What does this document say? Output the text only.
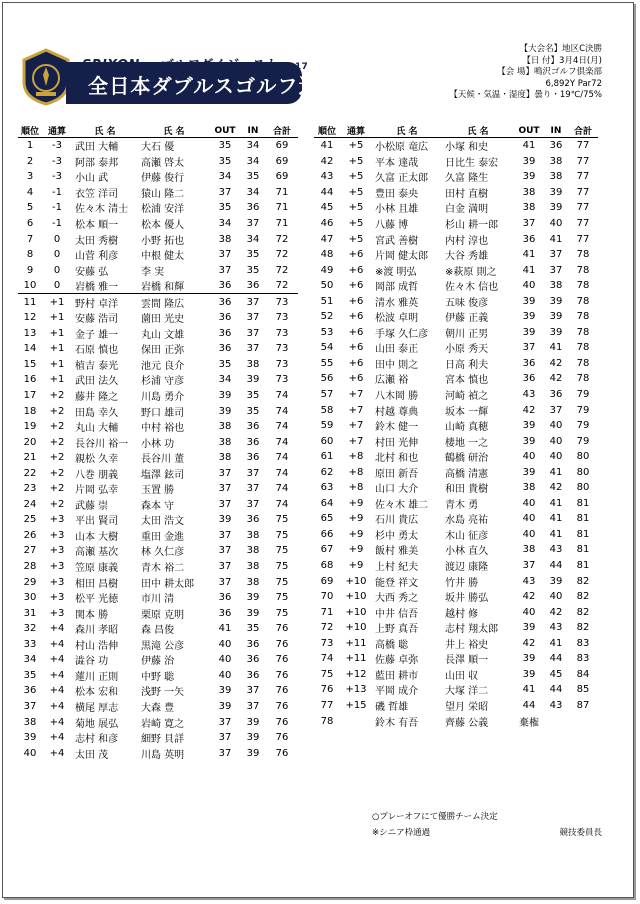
SRIXONCUPゴルフダイジェスト 2017
全日本ダブルスゴルフ選手権
【大会名】地区C決勝
【日 付】3月4日(月)
【会 場】鳴沢ゴルフ倶楽部
6,892Y Par72
【天候・気温・湿度】曇り・19℃/75%
順位	通算	氏 名	氏 名	OUT	IN	合計
1	-3	武田 大輔	大石 優	35	34	69
2	-3	阿部 泰邦	高瀬 啓太	35	34	69
3	-3	小山 武	伊藤 俊行	34	35	69
4	-1	衣笠 洋司	猿山 隆二	37	34	71
5	-1	佐々木 清士	松浦 安洋	35	36	71
6	-1	松本 順一	松本 優人	34	37	71
7	0	太田 秀樹	小野 拓也	38	34	72
8	0	山菅 利彦	中根 健太	37	35	72
9	0	安藤 弘	李 実	37	35	72
10	0	岩橋 雅一	岩橋 和輝	36	36	72
11	+1	野村 卓洋	雲間 隆広	36	37	73
12	+1	安藤 浩司	薗田 光史	36	37	73
13	+1	金子 雄一	丸山 文雄	36	37	73
14	+1	石原 慎也	保田 正弥	36	37	73
15	+1	植吉 泰光	池元 良介	35	38	73
16	+1	武田 法久	杉浦 守彦	34	39	73
17	+2	藤井 隆之	川島 勇介	39	35	74
18	+2	田島 幸久	野口 雄司	39	35	74
19	+2	丸山 大輔	中村 裕也	38	36	74
20	+2	長谷川 裕一	小林 功	38	36	74
21	+2	親松 久幸	長谷川 董	38	36	74
22	+2	八巻 朋義	塩澤 鉉司	37	37	74
23	+2	片岡 弘幸	玉置 勝	37	37	74
24	+2	武藤 崇	森本 守	37	37	74
25	+3	平出 賢司	太田 浩文	39	36	75
26	+3	山本 大樹	重田 金進	37	38	75
27	+3	高瀬 基次	林 久仁彦	37	38	75
28	+3	笠原 康義	青木 裕二	37	38	75
29	+3	相田 昌樹	田中 耕太郎	37	38	75
30	+3	松平 光徳	市川 清	36	39	75
31	+3	関本 勝	栗原 克明	36	39	75
32	+4	森川 孝昭	森 昌俊	41	35	76
33	+4	村山 浩伸	黒滝 公彦	40	36	76
34	+4	澁谷 功	伊藤 治	40	36	76
35	+4	蓮川 正則	中野 聡	40	36	76
36	+4	松本 宏和	浅野 一矢	39	37	76
37	+4	横尾 厚志	大森 豊	39	37	76
38	+4	菊地 展弘	岩崎 寛之	37	39	76
39	+4	志村 和彦	細野 貝詳	37	39	76
40	+4	太田 茂	川島 英明	37	39	76
順位	通算	氏 名	氏 名	OUT	IN	合計
41	+5	小松原 竜広	小塚 和史	41	36	77
42	+5	平本 達哉	日比生 泰宏	39	38	77
43	+5	久富 正太郎	久富 隆生	39	38	77
44	+5	豊田 泰央	田村 直樹	38	39	77
45	+5	小林 且雄	白金 満明	38	39	77
46	+5	八藤 博	杉山 耕一郎	37	40	77
47	+5	宮武 善樹	内村 淳也	36	41	77
48	+6	片岡 健太郎	大谷 秀雄	41	37	78
49	+6	※渡 明弘	※萩原 則之	41	37	78
50	+6	岡部 成哲	佐々木 信也	40	38	78
51	+6	清水 雅英	五味 俊彦	39	39	78
52	+6	松波 卓明	伊藤 正義	39	39	78
53	+6	手塚 久仁彦	朝川 正男	39	39	78
54	+6	山田 泰正	小原 秀天	37	41	78
55	+6	田中 則之	日高 利夫	36	42	78
56	+6	広瀬 裕	宮本 慎也	36	42	78
57	+7	八木岡 勝	河崎 禎之	43	36	79
58	+7	村越 尊典	坂本 一輝	42	37	79
59	+7	鈴木 健一	山崎 真穂	39	40	79
60	+7	村田 光伸	棲地 一之	39	40	79
61	+8	北村 和也	鶴橋 研治	40	40	80
62	+8	原田 新吾	高橋 清憲	39	41	80
63	+8	山口 大介	和田 貴樹	38	42	80
64	+9	佐々木 雄二	青木 勇	40	41	81
65	+9	石川 貴広	水島 亮祐	40	41	81
66	+9	杉中 勇太	木山 征彦	40	41	81
67	+9	飯村 雅美	小林 直久	38	43	81
68	+9	上村 紀夫	渡辺 康隆	37	44	81
69	+10	能登 祥文	竹井 勝	43	39	82
70	+10	大西 秀之	坂井 勝弘	42	40	82
71	+10	中井 信吾	越村 修	40	42	82
72	+10	上野 真吾	志村 翔太郎	39	43	82
73	+11	高橋 聡	井上 裕史	42	41	83
74	+11	佐藤 卓弥	長澤 順一	39	44	83
75	+12	藍田 耕市	山田 収	39	45	84
76	+13	平岡 成介	大塚 洋二	41	44	85
77	+15	磯 哲雄	望月 栄昭	44	43	87
78		鈴木 有吾	齊藤 公義	棄権		
○プレーオフにて優勝チーム決定
※シニア枠通過	競技委員長
